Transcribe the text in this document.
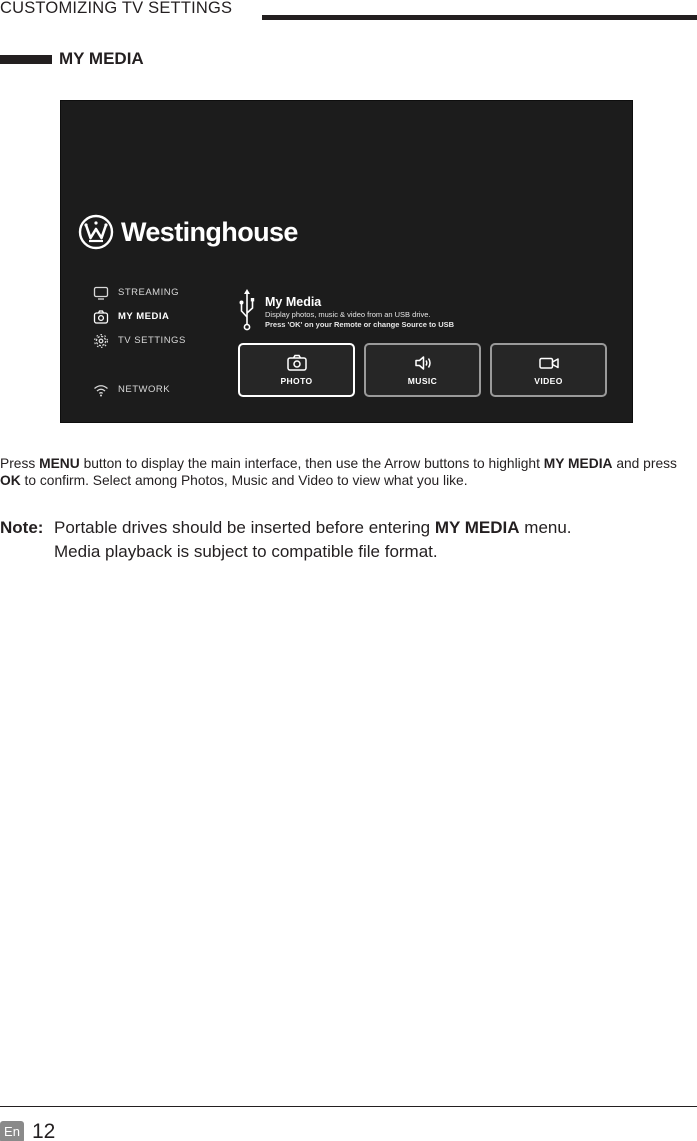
CUSTOMIZING TV SETTINGS
MY MEDIA
Westinghouse
STREAMING
MY MEDIA
TV SETTINGS
NETWORK
My Media
Display photos, music & video from an USB drive.
Press 'OK' on your Remote or change Source to USB
PHOTO	MUSIC	VIDEO

Press MENU button to display the main interface, then use the Arrow buttons to highlight MY MEDIA and press OK to confirm. Select among Photos, Music and Video to view what you like.

Note: Portable drives should be inserted before entering MY MEDIA menu.
Media playback is subject to compatible file format.
En 12
